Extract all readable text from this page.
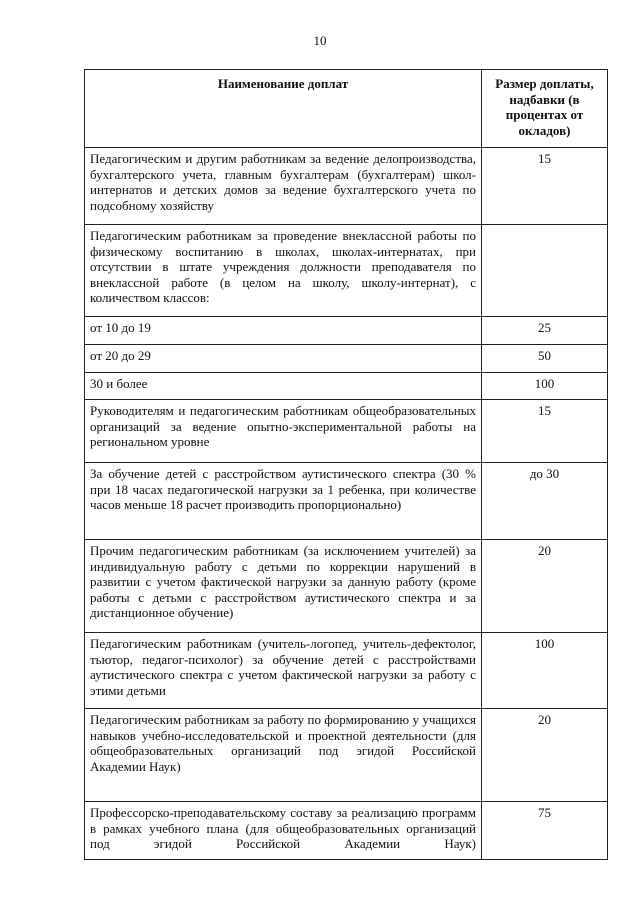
10
Наименование доплат	Размер доплаты, надбавки (в процентах от окладов)
Педагогическим и другим работникам за ведение делопроизводства, бухгалтерского учета, главным бухгалтерам (бухгалтерам) школ-интернатов и детских домов за ведение бухгалтерского учета по подсобному хозяйству	15
Педагогическим работникам за проведение внеклассной работы по физическому воспитанию в школах, школах-интернатах, при отсутствии в штате учреждения должности преподавателя по внеклассной работе (в целом на школу, школу-интернат), с количеством классов:	
от 10 до 19	25
от 20 до 29	50
30 и более	100
Руководителям и педагогическим работникам общеобразовательных организаций за ведение опытно-экспериментальной работы на региональном уровне	15
За обучение детей с расстройством аутистического спектра (30 % при 18 часах педагогической нагрузки за 1 ребенка, при количестве часов меньше 18 расчет производить пропорционально)	до 30
Прочим педагогическим работникам (за исключением учителей) за индивидуальную работу с детьми по коррекции нарушений в развитии с учетом фактической нагрузки за данную работу (кроме работы с детьми с расстройством аутистического спектра и за дистанционное обучение)	20
Педагогическим работникам (учитель-логопед, учитель-дефектолог, тьютор, педагог-психолог) за обучение детей с расстройствами аутистического спектра с учетом фактической нагрузки за работу с этими детьми	100
Педагогическим работникам за работу по формированию у учащихся навыков учебно-исследовательской и проектной деятельности (для общеобразовательных организаций под эгидой Российской Академии Наук)	20
Профессорско-преподавательскому составу за реализацию программ в рамках учебного плана (для общеобразовательных организаций под эгидой Российской Академии Наук)	75
